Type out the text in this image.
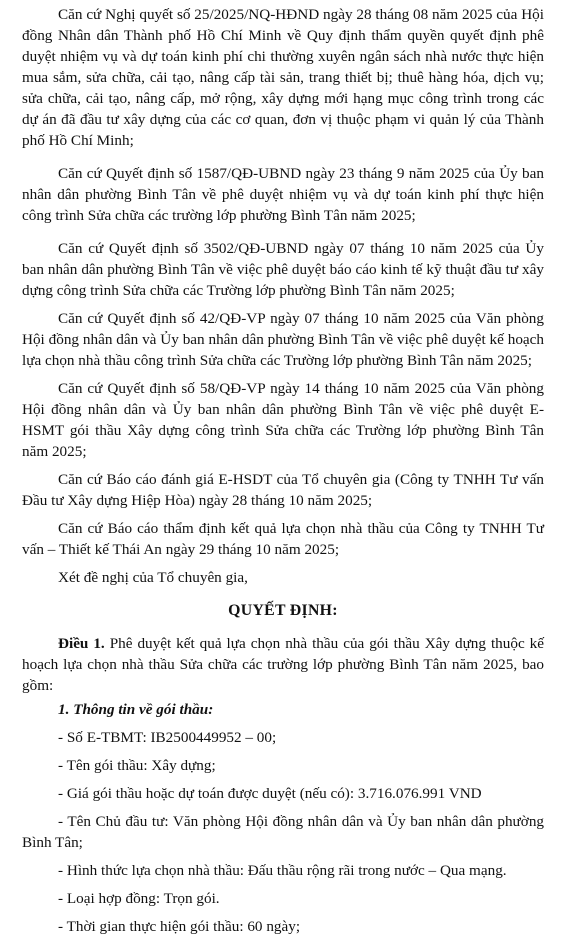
Căn cứ Nghị quyết số 25/2025/NQ-HĐND ngày 28 tháng 08 năm 2025 của Hội đồng Nhân dân Thành phố Hồ Chí Minh về Quy định thẩm quyền quyết định phê duyệt nhiệm vụ và dự toán kinh phí chi thường xuyên ngân sách nhà nước thực hiện mua sắm, sửa chữa, cải tạo, nâng cấp tài sản, trang thiết bị; thuê hàng hóa, dịch vụ; sửa chữa, cải tạo, nâng cấp, mở rộng, xây dựng mới hạng mục công trình trong các dự án đã đầu tư xây dựng của các cơ quan, đơn vị thuộc phạm vi quản lý của Thành phố Hồ Chí Minh;

Căn cứ Quyết định số 1587/QĐ-UBND ngày 23 tháng 9 năm 2025 của Ủy ban nhân dân phường Bình Tân về phê duyệt nhiệm vụ và dự toán kinh phí thực hiện công trình Sửa chữa các trường lớp phường Bình Tân năm 2025;

Căn cứ Quyết định số 3502/QĐ-UBND ngày 07 tháng 10 năm 2025 của Ủy ban nhân dân phường Bình Tân về việc phê duyệt báo cáo kinh tế kỹ thuật đầu tư xây dựng công trình Sửa chữa các Trường lớp phường Bình Tân năm 2025;

Căn cứ Quyết định số 42/QĐ-VP ngày 07 tháng 10 năm 2025 của Văn phòng Hội đồng nhân dân và Ủy ban nhân dân phường Bình Tân về việc phê duyệt kế hoạch lựa chọn nhà thầu công trình Sửa chữa các Trường lớp phường Bình Tân năm 2025;

Căn cứ Quyết định số 58/QĐ-VP ngày 14 tháng 10 năm 2025 của Văn phòng Hội đồng nhân dân và Ủy ban nhân dân phường Bình Tân về việc phê duyệt E-HSMT gói thầu Xây dựng công trình Sửa chữa các Trường lớp phường Bình Tân năm 2025;

Căn cứ Báo cáo đánh giá E-HSDT của Tổ chuyên gia (Công ty TNHH Tư vấn Đầu tư Xây dựng Hiệp Hòa) ngày 28 tháng 10 năm 2025;

Căn cứ Báo cáo thẩm định kết quả lựa chọn nhà thầu của Công ty TNHH Tư vấn – Thiết kế Thái An ngày 29 tháng 10 năm 2025;

Xét đề nghị của Tổ chuyên gia,

QUYẾT ĐỊNH:

Điều 1. Phê duyệt kết quả lựa chọn nhà thầu của gói thầu Xây dựng thuộc kế hoạch lựa chọn nhà thầu Sửa chữa các trường lớp phường Bình Tân năm 2025, bao gồm:

1. Thông tin về gói thầu:

- Số E-TBMT: IB2500449952 – 00;

- Tên gói thầu: Xây dựng;

- Giá gói thầu hoặc dự toán được duyệt (nếu có): 3.716.076.991 VND

- Tên Chủ đầu tư: Văn phòng Hội đồng nhân dân và Ủy ban nhân dân phường Bình Tân;

- Hình thức lựa chọn nhà thầu: Đấu thầu rộng rãi trong nước – Qua mạng.

- Loại hợp đồng: Trọn gói.

- Thời gian thực hiện gói thầu: 60 ngày;
